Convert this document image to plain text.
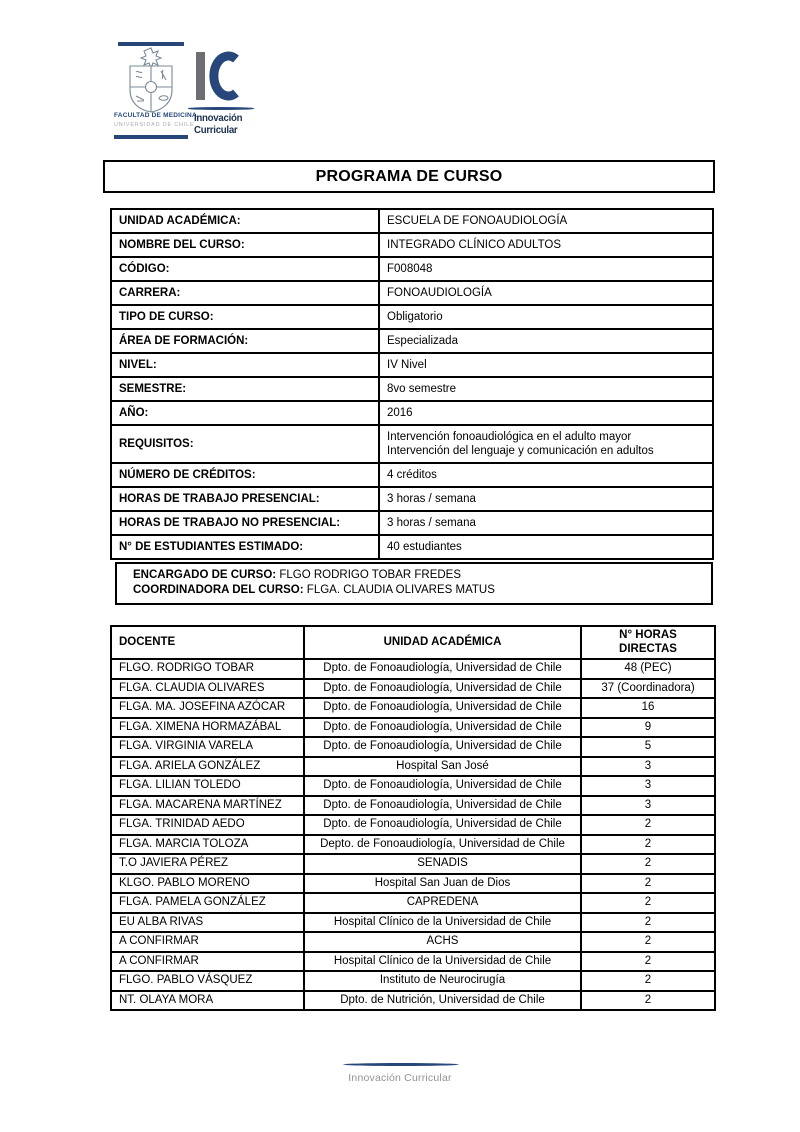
FACULTAD DE MEDICINA
UNIVERSIDAD DE CHILE
Innovación
Curricular
PROGRAMA DE CURSO
UNIDAD ACADÉMICA:	ESCUELA DE FONOAUDIOLOGÍA
NOMBRE DEL CURSO:	INTEGRADO CLÍNICO ADULTOS
CÓDIGO:	F008048
CARRERA:	FONOAUDIOLOGÍA
TIPO DE CURSO:	Obligatorio
ÁREA DE FORMACIÓN:	Especializada
NIVEL:	IV Nivel
SEMESTRE:	8vo semestre
AÑO:	2016
REQUISITOS:	Intervención fonoaudiológica en el adulto mayor
Intervención del lenguaje y comunicación en adultos

NÚMERO DE CRÉDITOS:	4 créditos
HORAS DE TRABAJO PRESENCIAL:	3 horas / semana
HORAS DE TRABAJO NO PRESENCIAL:	3 horas / semana
N° DE ESTUDIANTES ESTIMADO:	40 estudiantes
ENCARGADO DE CURSO: FLGO RODRIGO TOBAR FREDES
COORDINADORA DEL CURSO: FLGA. CLAUDIA OLIVARES MATUS
DOCENTE	UNIDAD ACADÉMICA	N° HORAS
DIRECTAS

FLGO. RODRIGO TOBAR	Dpto. de Fonoaudiología, Universidad de Chile	48 (PEC)
FLGA. CLAUDIA OLIVARES	Dpto. de Fonoaudiología, Universidad de Chile	37 (Coordinadora)
FLGA. MA. JOSEFINA AZÓCAR	Dpto. de Fonoaudiología, Universidad de Chile	16
FLGA. XIMENA HORMAZÁBAL	Dpto. de Fonoaudiología, Universidad de Chile	9
FLGA. VIRGINIA VARELA	Dpto. de Fonoaudiología, Universidad de Chile	5
FLGA. ARIELA GONZÁLEZ	Hospital San José	3
FLGA. LILIAN TOLEDO	Dpto. de Fonoaudiología, Universidad de Chile	3
FLGA. MACARENA MARTÍNEZ	Dpto. de Fonoaudiología, Universidad de Chile	3
FLGA. TRINIDAD AEDO	Dpto. de Fonoaudiología, Universidad de Chile	2
FLGA. MARCIA TOLOZA	Depto. de Fonoaudiología, Universidad de Chile	2
T.O JAVIERA PÉREZ	SENADIS	2
KLGO. PABLO MORENO	Hospital San Juan de Dios	2
FLGA. PAMELA GONZÁLEZ	CAPREDENA	2
EU ALBA RIVAS	Hospital Clínico de la Universidad de Chile	2
A CONFIRMAR	ACHS	2
A CONFIRMAR	Hospital Clínico de la Universidad de Chile	2
FLGO. PABLO VÁSQUEZ	Instituto de Neurocirugía	2
NT. OLAYA MORA	Dpto. de Nutrición, Universidad de Chile	2
Innovación Curricular
